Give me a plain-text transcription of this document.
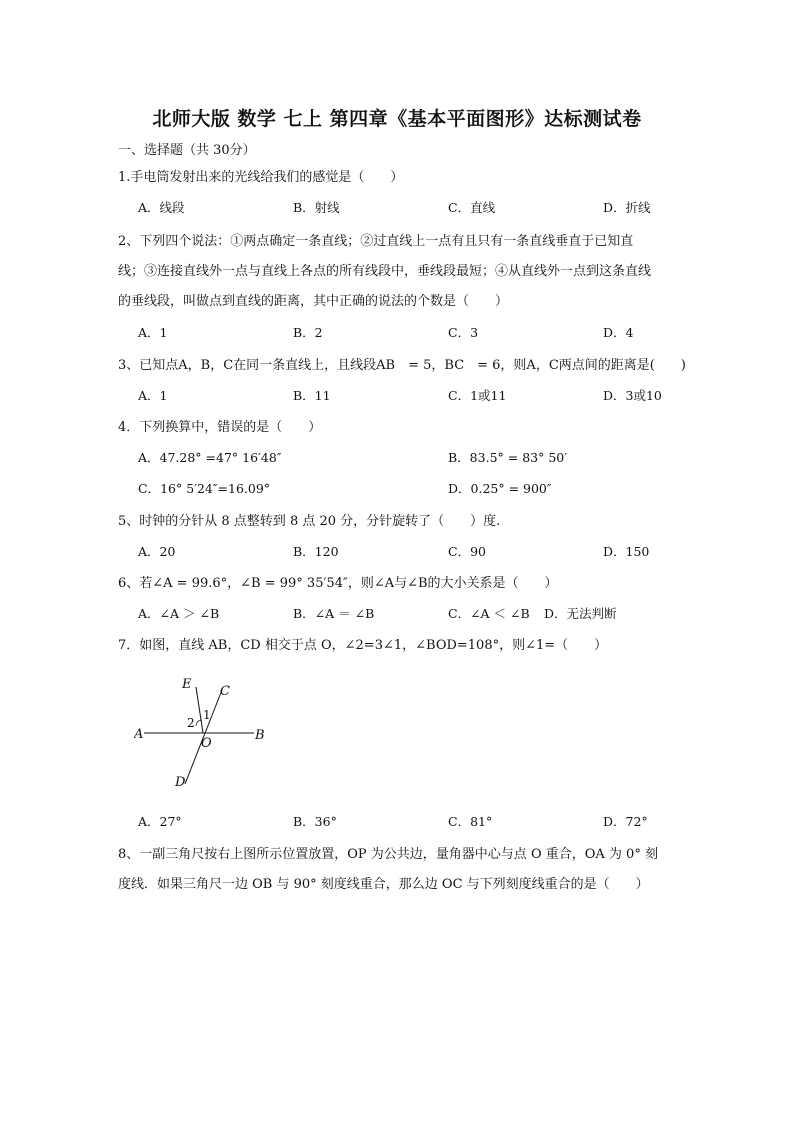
北师大版 数学 七上 第四章《基本平面图形》达标测试卷
一、选择题（共 30分）
1.手电筒发射出来的光线给我们的感觉是（　　）
A．线段	B．射线	C．直线	D．折线
2、下列四个说法：①两点确定一条直线；②过直线上一点有且只有一条直线垂直于已知直
线；③连接直线外一点与直线上各点的所有线段中，垂线段最短；④从直线外一点到这条直线
的垂线段，叫做点到直线的距离，其中正确的说法的个数是（　　）
A．1	B．2	C．3	D．4
3、已知点A，B，C在同一条直线上，且线段AB　= 5，BC　= 6，则A，C两点间的距离是(　　)
A．1	B．11	C．1或11	D．3或10
4．下列换算中，错误的是（　　）
A．47.28° =47° 16′48″	B．83.5° = 83° 50′
C．16° 5′24″=16.09°	D．0.25° = 900″
5、时钟的分针从 8 点整转到 8 点 20 分，分针旋转了（　　）度.
A．20	B．120	C．90	D．150
6、若∠A = 99.6°，∠B = 99° 35′54″，则∠A与∠B的大小关系是（　　）
A．∠A ＞ ∠B	B．∠A ＝ ∠B	C．∠A ＜ ∠B D．无法判断
7．如图，直线 AB，CD 相交于点 O，∠2=3∠1，∠BOD=108°，则∠1=（　　）
E C
A	B
O
D
1
2
A．27°	B．36°	C．81°	D．72°
8、一副三角尺按右上图所示位置放置，OP 为公共边，量角器中心与点 O 重合，OA 为 0° 刻
度线．如果三角尺一边 OB 与 90° 刻度线重合，那么边 OC 与下列刻度线重合的是（　　）
